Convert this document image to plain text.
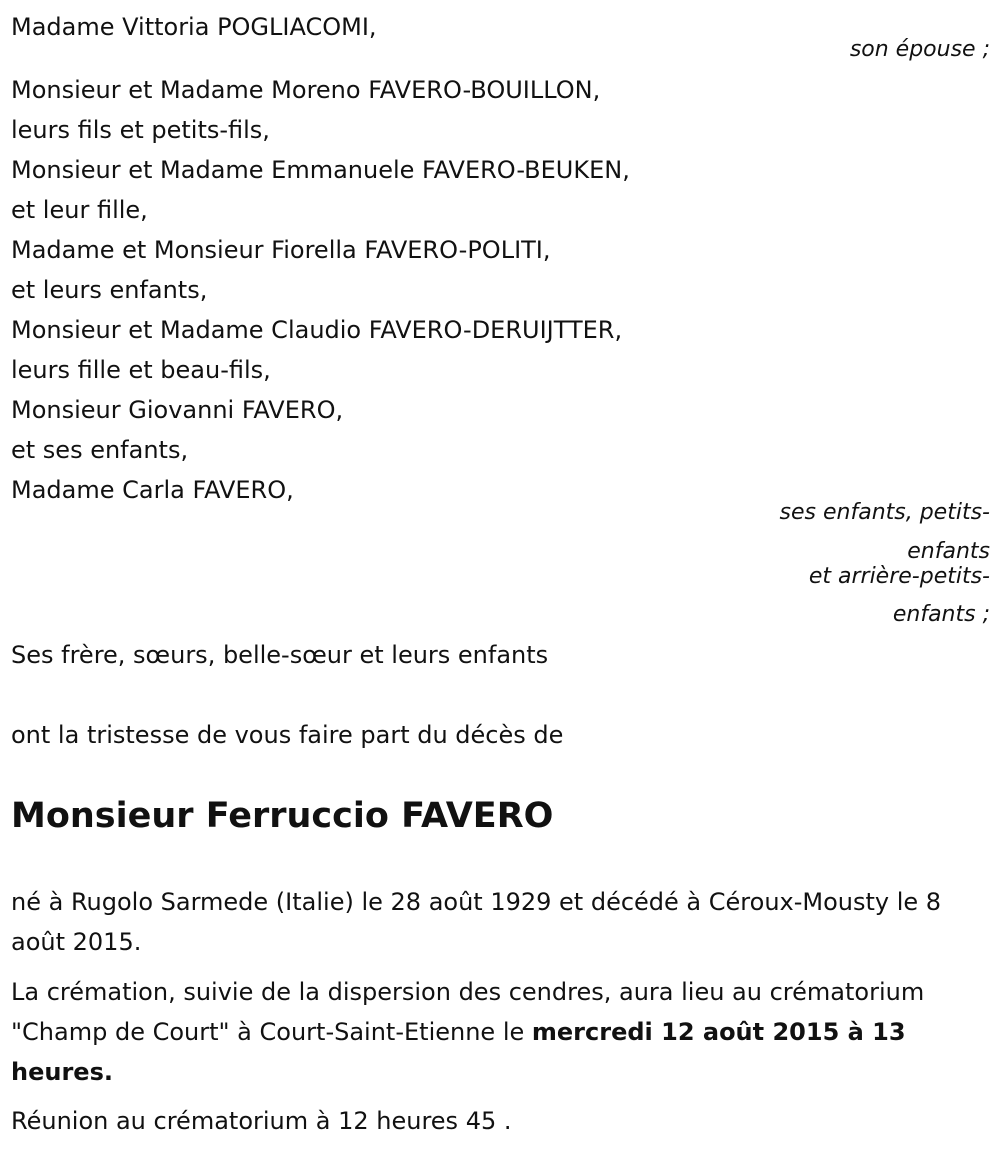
Madame Vittoria POGLIACOMI,

son épouse ;

Monsieur et Madame Moreno FAVERO-BOUILLON,

leurs fils et petits-fils,

Monsieur et Madame Emmanuele FAVERO-BEUKEN,

et leur fille,

Madame et Monsieur Fiorella FAVERO-POLITI,

et leurs enfants,

Monsieur et Madame Claudio FAVERO-DERUIJTTER,

leurs fille et beau-fils,

Monsieur Giovanni FAVERO,

et ses enfants,

Madame Carla FAVERO,

ses enfants, petits-

enfants

et arrière-petits-

enfants ;

Ses frère, sœurs, belle-sœur et leurs enfants

ont la tristesse de vous faire part du décès de

Monsieur Ferruccio FAVERO

né à Rugolo Sarmede (Italie) le 28 août 1929 et décédé à Céroux-Mousty le 8 août 2015.

La crémation, suivie de la dispersion des cendres, aura lieu au crématorium "Champ de Court" à Court-Saint-Etienne le mercredi 12 août 2015 à 13 heures.

Réunion au crématorium à 12 heures 45 .
